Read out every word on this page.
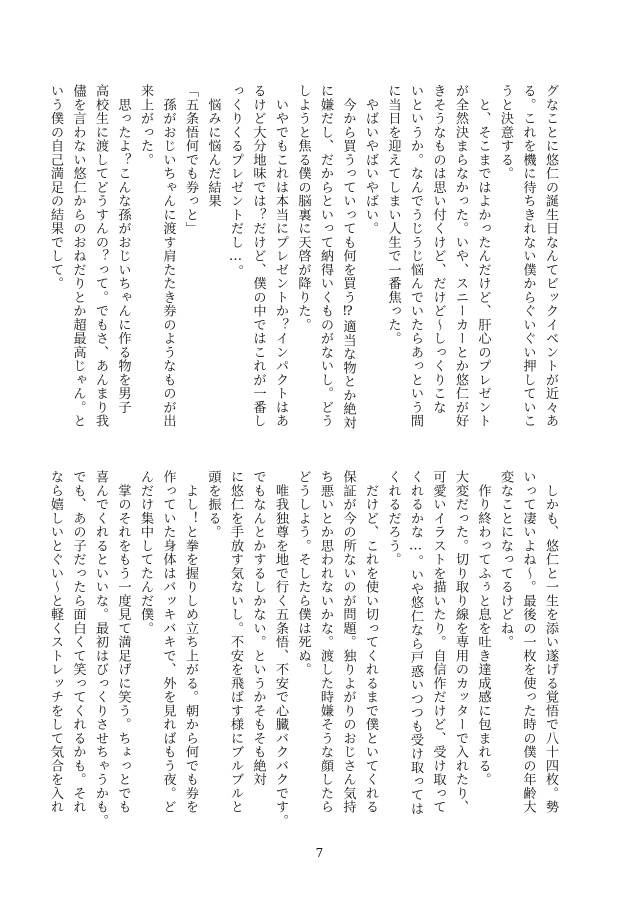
グなことに悠仁の誕生日なんてビックイベントが近々あ
る。これを機に待ちきれない僕からぐいぐい押していこ
うと決意する。
　と、そこまではよかったんだけど、肝心のプレゼント
が全然決まらなかった。いや、スニーカーとか悠仁が好
きそうなものは思い付くけど、だけど〜しっくりこな
いというか。なんでうじうじ悩んでいたらあっという間
に当日を迎えてしまい人生で一番焦った。
　やばいやばいやばい。
　今から買うっていっても何を買う⁉適当な物とか絶対
に嫌だし、だからといって納得いくものがないし。どう
しようと焦る僕の脳裏に天啓が降りた。
　いやでもこれは本当にプレゼントか？インパクトはあ
るけど大分地味では？だけど、僕の中ではこれが一番し
っくりくるプレゼントだし…。
　悩みに悩んだ結果
「五条悟何でも券っと」
　孫がおじいちゃんに渡す肩たたき券のようなものが出
来上がった。
　思ったよ？こんな孫がおじいちゃんに作る物を男子
高校生に渡してどうすんの？って。でもさ、あんまり我
儘を言わない悠仁からのおねだりとか超最高じゃん。と
いう僕の自己満足の結果でして。
　しかも、悠仁と一生を添い遂げる覚悟で八十四枚。勢
いって凄いよね〜。最後の一枚を使った時の僕の年齢大
変なことになってるけどね。
　作り終わってふぅと息を吐き達成感に包まれる。
大変だった。切り取り線を専用のカッターで入れたり、
可愛いイラストを描いたり。自信作だけど、受け取って
くれるかな…。いや悠仁なら戸惑いつつも受け取っては
くれるだろう。
　だけど、これを使い切ってくれるまで僕といてくれる
保証が今の所ないのが問題。独りよがりのおじさん気持
ち悪いとか思われないかな。渡した時嫌そうな顔したら
どうしよう。そしたら僕は死ぬ。
　唯我独尊を地で行く五条悟、不安で心臓バクバクです。
でもなんとかするしかない。というかそもそも絶対
に悠仁を手放す気ないし。不安を飛ばす様にブルブルと
頭を振る。
　よし！と拳を握りしめ立ち上がる。朝から何でも券を
作っていた身体はバッキバキで、外を見ればもう夜。ど
んだけ集中してたんだ僕。
　掌のそれをもう一度見て満足げに笑う。ちょっとでも
喜んでくれるといいな。最初はびっくりさせちゃうかも。
でも、あの子だったら面白くて笑ってくれるかも。それ
なら嬉しいとぐい〜と軽くストレッチをして気合を入れ
7
